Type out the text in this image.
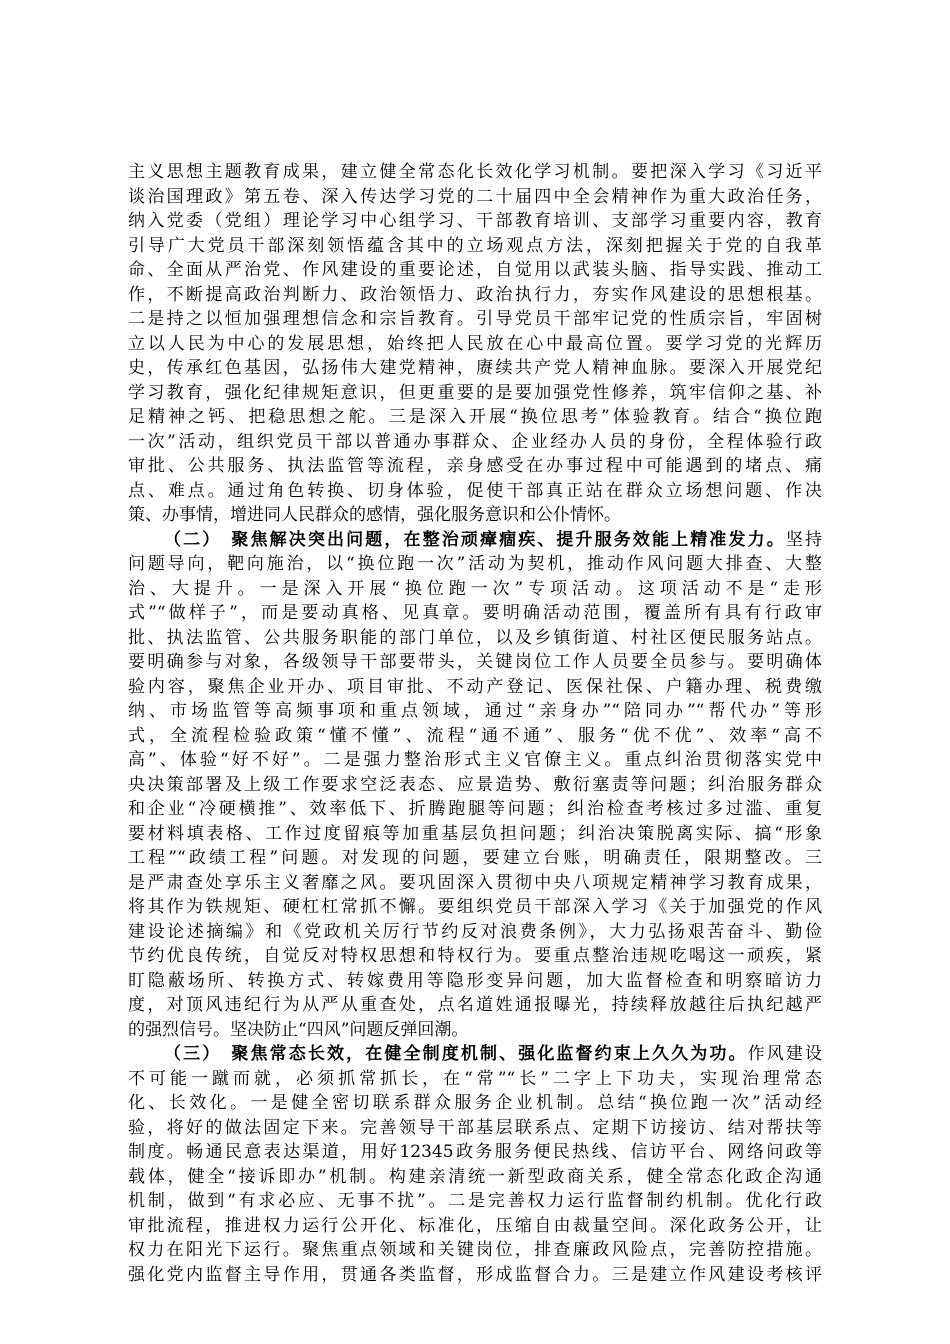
主义思想主题教育成果，建立健全常态化长效化学习机制。要把深入学习《习近平
谈治国理政》第五卷、深入传达学习党的二十届四中全会精神作为重大政治任务，
纳入党委（党组）理论学习中心组学习、干部教育培训、支部学习重要内容，教育
引导广大党员干部深刻领悟蕴含其中的立场观点方法，深刻把握关于党的自我革
命、全面从严治党、作风建设的重要论述，自觉用以武装头脑、指导实践、推动工
作，不断提高政治判断力、政治领悟力、政治执行力，夯实作风建设的思想根基。
二是持之以恒加强理想信念和宗旨教育。引导党员干部牢记党的性质宗旨，牢固树
立以人民为中心的发展思想，始终把人民放在心中最高位置。要学习党的光辉历
史，传承红色基因，弘扬伟大建党精神，赓续共产党人精神血脉。要深入开展党纪
学习教育，强化纪律规矩意识，但更重要的是要加强党性修养，筑牢信仰之基、补
足精神之钙、把稳思想之舵。三是深入开展“换位思考”体验教育。结合“换位跑
一次”活动，组织党员干部以普通办事群众、企业经办人员的身份，全程体验行政
审批、公共服务、执法监管等流程，亲身感受在办事过程中可能遇到的堵点、痛
点、难点。通过角色转换、切身体验，促使干部真正站在群众立场想问题、作决
策、办事情，增进同人民群众的感情，强化服务意识和公仆情怀。
（二） 聚焦解决突出问题，在整治顽瘴痼疾、提升服务效能上精准发力。坚持
问题导向，靶向施治，以“换位跑一次”活动为契机，推动作风问题大排查、大整
治、大提升。一是深入开展“换位跑一次”专项活动。这项活动不是“走形
式”“做样子”，而是要动真格、见真章。要明确活动范围，覆盖所有具有行政审
批、执法监管、公共服务职能的部门单位，以及乡镇街道、村社区便民服务站点。
要明确参与对象，各级领导干部要带头，关键岗位工作人员要全员参与。要明确体
验内容，聚焦企业开办、项目审批、不动产登记、医保社保、户籍办理、税费缴
纳、市场监管等高频事项和重点领域，通过“亲身办”“陪同办”“帮代办”等形
式，全流程检验政策“懂不懂”、流程“通不通”、服务“优不优”、效率“高不
高”、体验“好不好”。二是强力整治形式主义官僚主义。重点纠治贯彻落实党中
央决策部署及上级工作要求空泛表态、应景造势、敷衍塞责等问题；纠治服务群众
和企业“冷硬横推”、效率低下、折腾跑腿等问题；纠治检查考核过多过滥、重复
要材料填表格、工作过度留痕等加重基层负担问题；纠治决策脱离实际、搞“形象
工程”“政绩工程”问题。对发现的问题，要建立台账，明确责任，限期整改。三
是严肃查处享乐主义奢靡之风。要巩固深入贯彻中央八项规定精神学习教育成果，
将其作为铁规矩、硬杠杠常抓不懈。要组织党员干部深入学习《关于加强党的作风
建设论述摘编》和《党政机关厉行节约反对浪费条例》，大力弘扬艰苦奋斗、勤俭
节约优良传统，自觉反对特权思想和特权行为。要重点整治违规吃喝这一顽疾，紧
盯隐蔽场所、转换方式、转嫁费用等隐形变异问题，加大监督检查和明察暗访力
度，对顶风违纪行为从严从重查处，点名道姓通报曝光，持续释放越往后执纪越严
的强烈信号。坚决防止“四风”问题反弹回潮。
（三） 聚焦常态长效，在健全制度机制、强化监督约束上久久为功。作风建设
不可能一蹴而就，必须抓常抓长，在“常”“长”二字上下功夫，实现治理常态
化、长效化。一是健全密切联系群众服务企业机制。总结“换位跑一次”活动经
验，将好的做法固定下来。完善领导干部基层联系点、定期下访接访、结对帮扶等
制度。畅通民意表达渠道，用好12345政务服务便民热线、信访平台、网络问政等
载体，健全“接诉即办”机制。构建亲清统一新型政商关系，健全常态化政企沟通
机制，做到“有求必应、无事不扰”。二是完善权力运行监督制约机制。优化行政
审批流程，推进权力运行公开化、标准化，压缩自由裁量空间。深化政务公开，让
权力在阳光下运行。聚焦重点领域和关键岗位，排查廉政风险点，完善防控措施。
强化党内监督主导作用，贯通各类监督，形成监督合力。三是建立作风建设考核评
